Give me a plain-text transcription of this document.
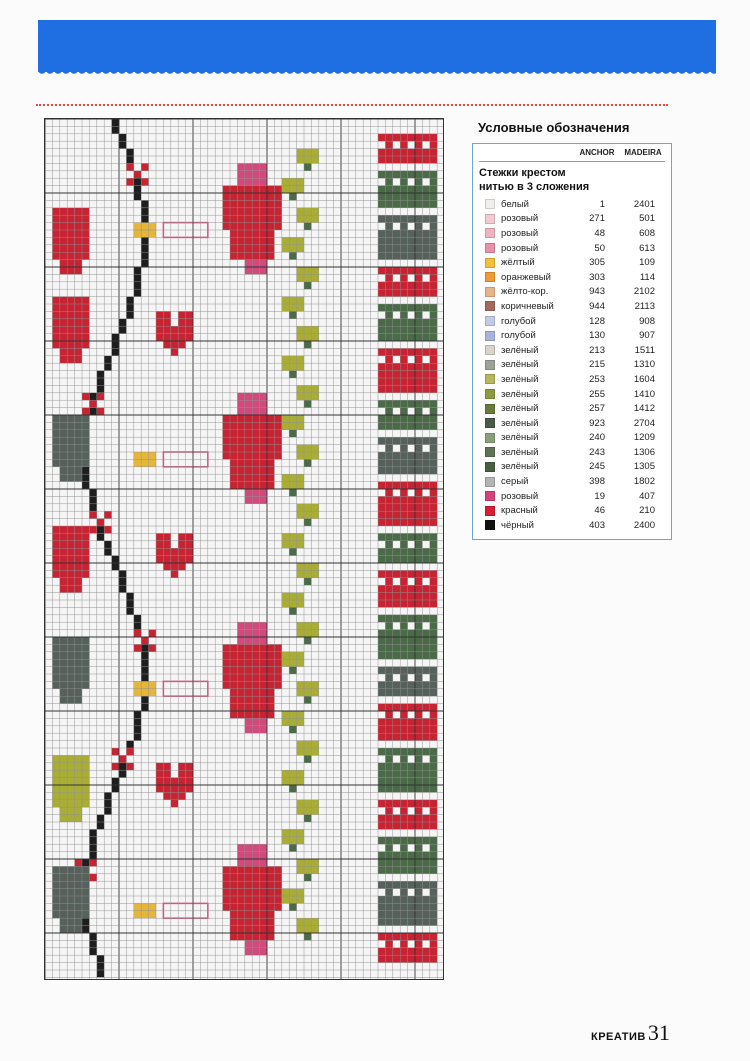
Условные обозначения
ANCHOR	MADEIRA
Стежки крестом
нитью в 3 сложения
белый	1	2401
розовый	271	501
розовый	48	608
розовый	50	613
жёлтый	305	109
оранжевый	303	114
жёлто-кор.	943	2102
коричневый	944	2113
голубой	128	908
голубой	130	907
зелёный	213	1511
зелёный	215	1310
зелёный	253	1604
зелёный	255	1410
зелёный	257	1412
зелёный	923	2704
зелёный	240	1209
зелёный	243	1306
зелёный	245	1305
серый	398	1802
розовый	19	407
красный	46	210
чёрный	403	2400
КРЕАТИВ 31
